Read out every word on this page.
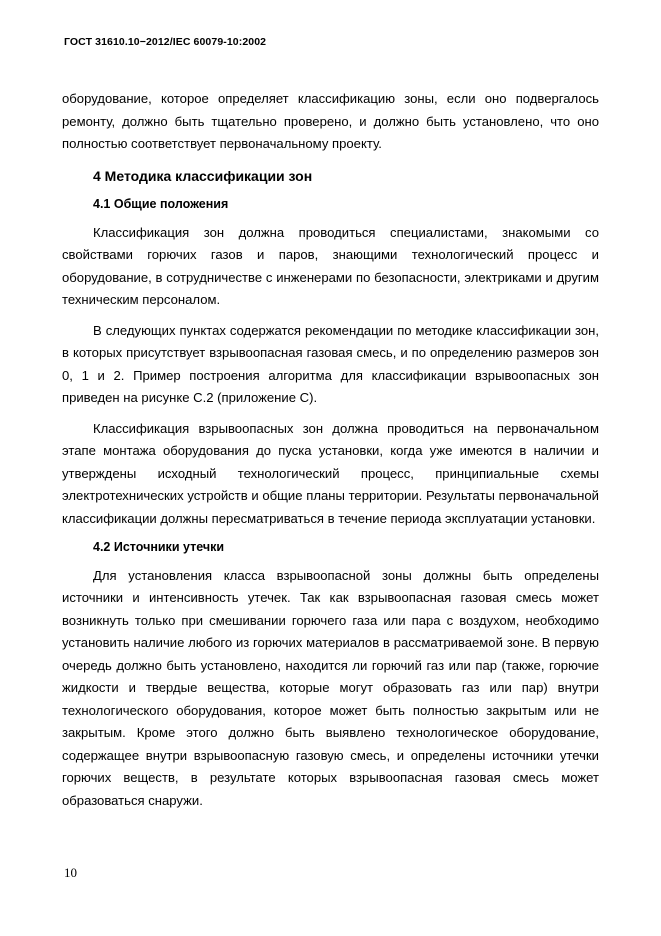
ГОСТ 31610.10−2012/IEC 60079-10:2002

оборудование, которое определяет классификацию зоны, если оно подвергалось ремонту, должно быть тщательно проверено, и должно быть установлено, что оно полностью соответствует первоначальному проекту.

4 Методика классификации зон
4.1 Общие положения

Классификация зон должна проводиться специалистами, знакомыми со свойствами горючих газов и паров, знающими технологический процесс и оборудование, в сотрудничестве с инженерами по безопасности, электриками и другим техническим персоналом.

В следующих пунктах содержатся рекомендации по методике классификации зон, в которых присутствует взрывоопасная газовая смесь, и по определению размеров зон 0, 1 и 2. Пример построения алгоритма для классификации взрывоопасных зон приведен на рисунке С.2 (приложение С).

Классификация взрывоопасных зон должна проводиться на первоначальном этапе монтажа оборудования до пуска установки, когда уже имеются в наличии и утверждены исходный технологический процесс, принципиальные схемы электротехнических устройств и общие планы территории. Результаты первоначальной классификации должны пересматриваться в течение периода эксплуатации установки.

4.2 Источники утечки

Для установления класса взрывоопасной зоны должны быть определены источники и интенсивность утечек. Так как взрывоопасная газовая смесь может возникнуть только при смешивании горючего газа или пара с воздухом, необходимо установить наличие любого из горючих материалов в рассматриваемой зоне. В первую очередь должно быть установлено, находится ли горючий газ или пар (также, горючие жидкости и твердые вещества, которые могут образовать газ или пар) внутри технологического оборудования, которое может быть полностью закрытым или не закрытым. Кроме этого должно быть выявлено технологическое оборудование, содержащее внутри взрывоопасную газовую смесь, и определены источники утечки горючих веществ, в результате которых взрывоопасная газовая смесь может образоваться снаружи.

10
